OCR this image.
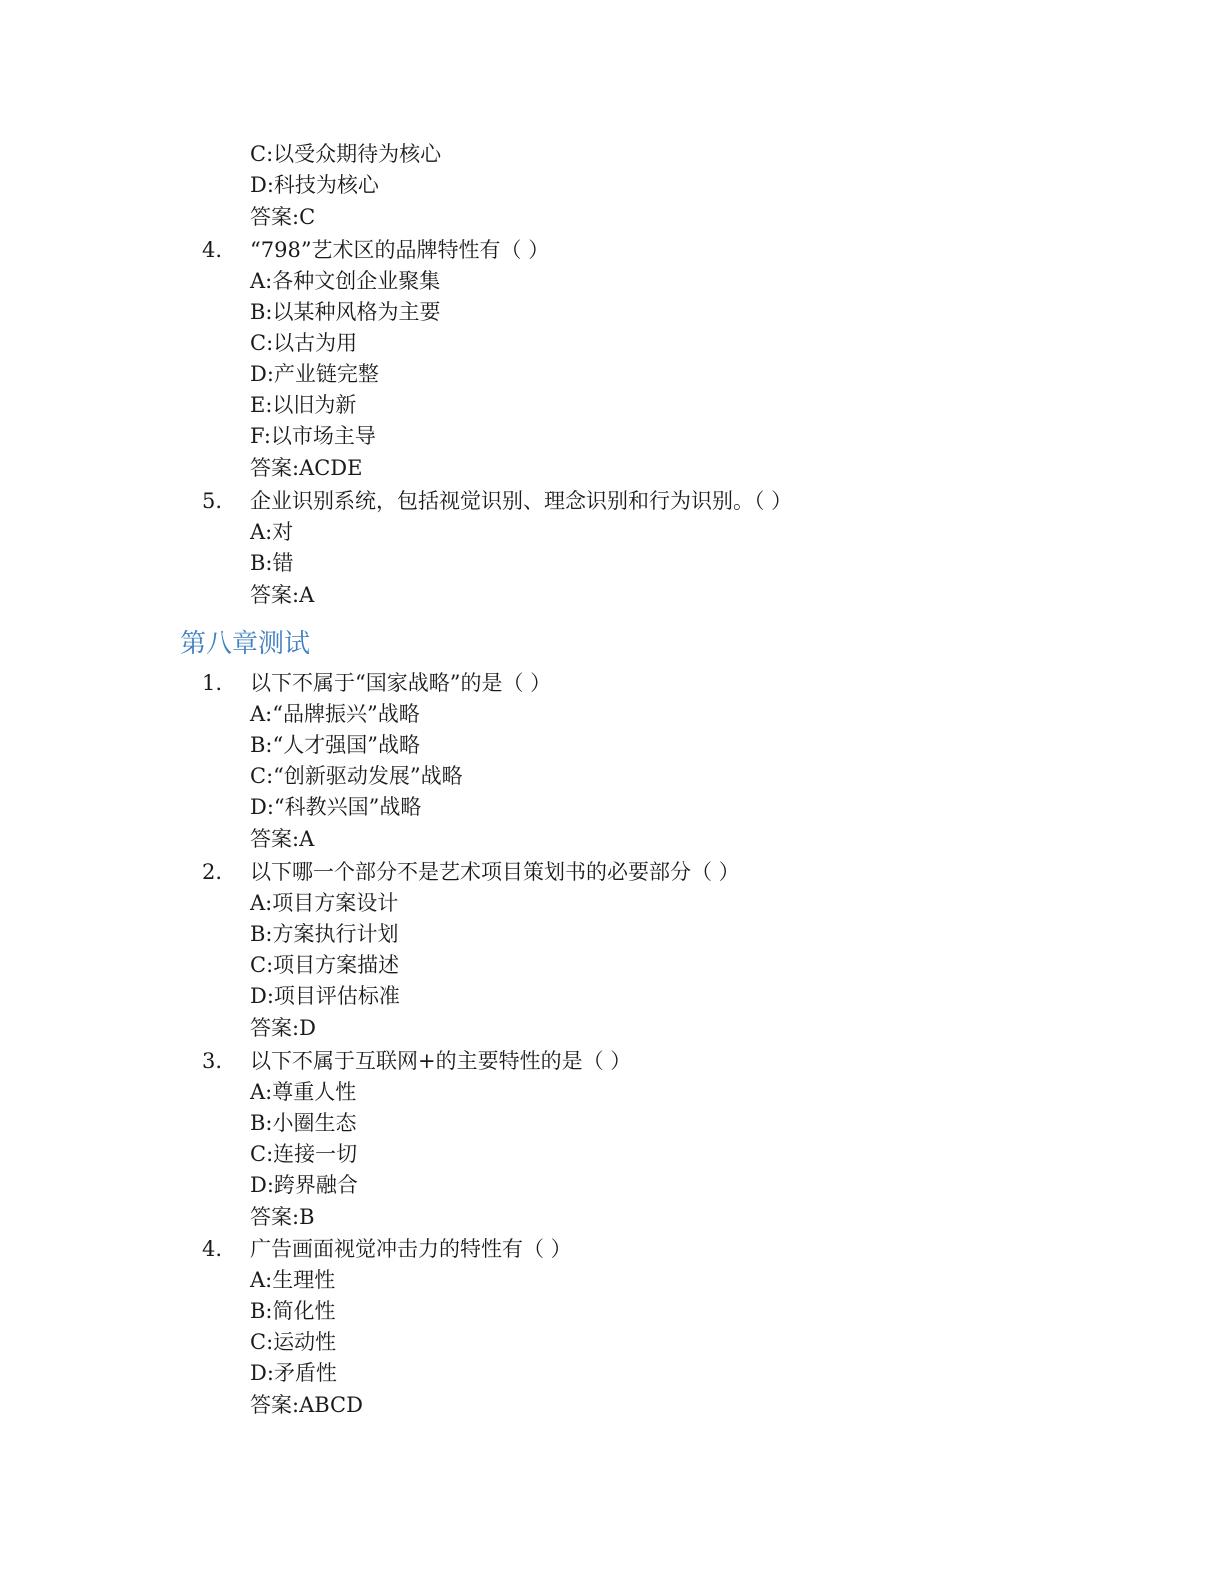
C:以受众期待为核心
D:科技为核心
答案:C
4. “798”艺术区的品牌特性有（ ）
A:各种文创企业聚集
B:以某种风格为主要
C:以古为用
D:产业链完整
E:以旧为新
F:以市场主导
答案:ACDE
5. 企业识别系统，包括视觉识别、理念识别和行为识别。（ ）
A:对
B:错
答案:A
第八章测试
1. 以下不属于“国家战略”的是（ ）
A:“品牌振兴”战略
B:“人才强国”战略
C:“创新驱动发展”战略
D:“科教兴国”战略
答案:A
2. 以下哪一个部分不是艺术项目策划书的必要部分（ ）
A:项目方案设计
B:方案执行计划
C:项目方案描述
D:项目评估标准
答案:D
3. 以下不属于互联网+的主要特性的是（ ）
A:尊重人性
B:小圈生态
C:连接一切
D:跨界融合
答案:B
4. 广告画面视觉冲击力的特性有（ ）
A:生理性
B:简化性
C:运动性
D:矛盾性
答案:ABCD
